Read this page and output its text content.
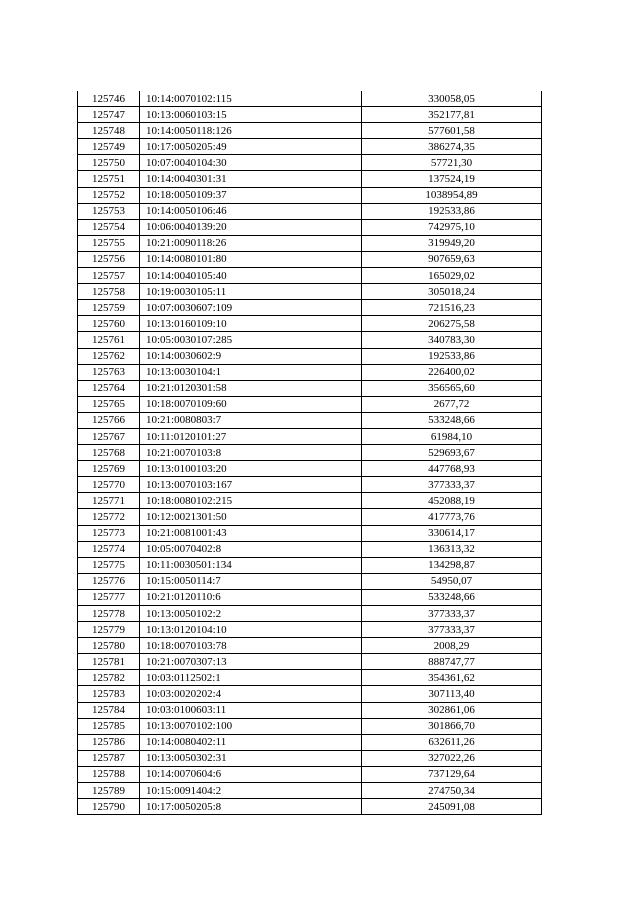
125746	10:14:0070102:115	330058,05
125747	10:13:0060103:15	352177,81
125748	10:14:0050118:126	577601,58
125749	10:17:0050205:49	386274,35
125750	10:07:0040104:30	57721,30
125751	10:14:0040301:31	137524,19
125752	10:18:0050109:37	1038954,89
125753	10:14:0050106:46	192533,86
125754	10:06:0040139:20	742975,10
125755	10:21:0090118:26	319949,20
125756	10:14:0080101:80	907659,63
125757	10:14:0040105:40	165029,02
125758	10:19:0030105:11	305018,24
125759	10:07:0030607:109	721516,23
125760	10:13:0160109:10	206275,58
125761	10:05:0030107:285	340783,30
125762	10:14:0030602:9	192533,86
125763	10:13:0030104:1	226400,02
125764	10:21:0120301:58	356565,60
125765	10:18:0070109:60	2677,72
125766	10:21:0080803:7	533248,66
125767	10:11:0120101:27	61984,10
125768	10:21:0070103:8	529693,67
125769	10:13:0100103:20	447768,93
125770	10:13:0070103:167	377333,37
125771	10:18:0080102:215	452088,19
125772	10:12:0021301:50	417773,76
125773	10:21:0081001:43	330614,17
125774	10:05:0070402:8	136313,32
125775	10:11:0030501:134	134298,87
125776	10:15:0050114:7	54950,07
125777	10:21:0120110:6	533248,66
125778	10:13:0050102:2	377333,37
125779	10:13:0120104:10	377333,37
125780	10:18:0070103:78	2008,29
125781	10:21:0070307:13	888747,77
125782	10:03:0112502:1	354361,62
125783	10:03:0020202:4	307113,40
125784	10:03:0100603:11	302861,06
125785	10:13:0070102:100	301866,70
125786	10:14:0080402:11	632611,26
125787	10:13:0050302:31	327022,26
125788	10:14:0070604:6	737129,64
125789	10:15:0091404:2	274750,34
125790	10:17:0050205:8	245091,08
